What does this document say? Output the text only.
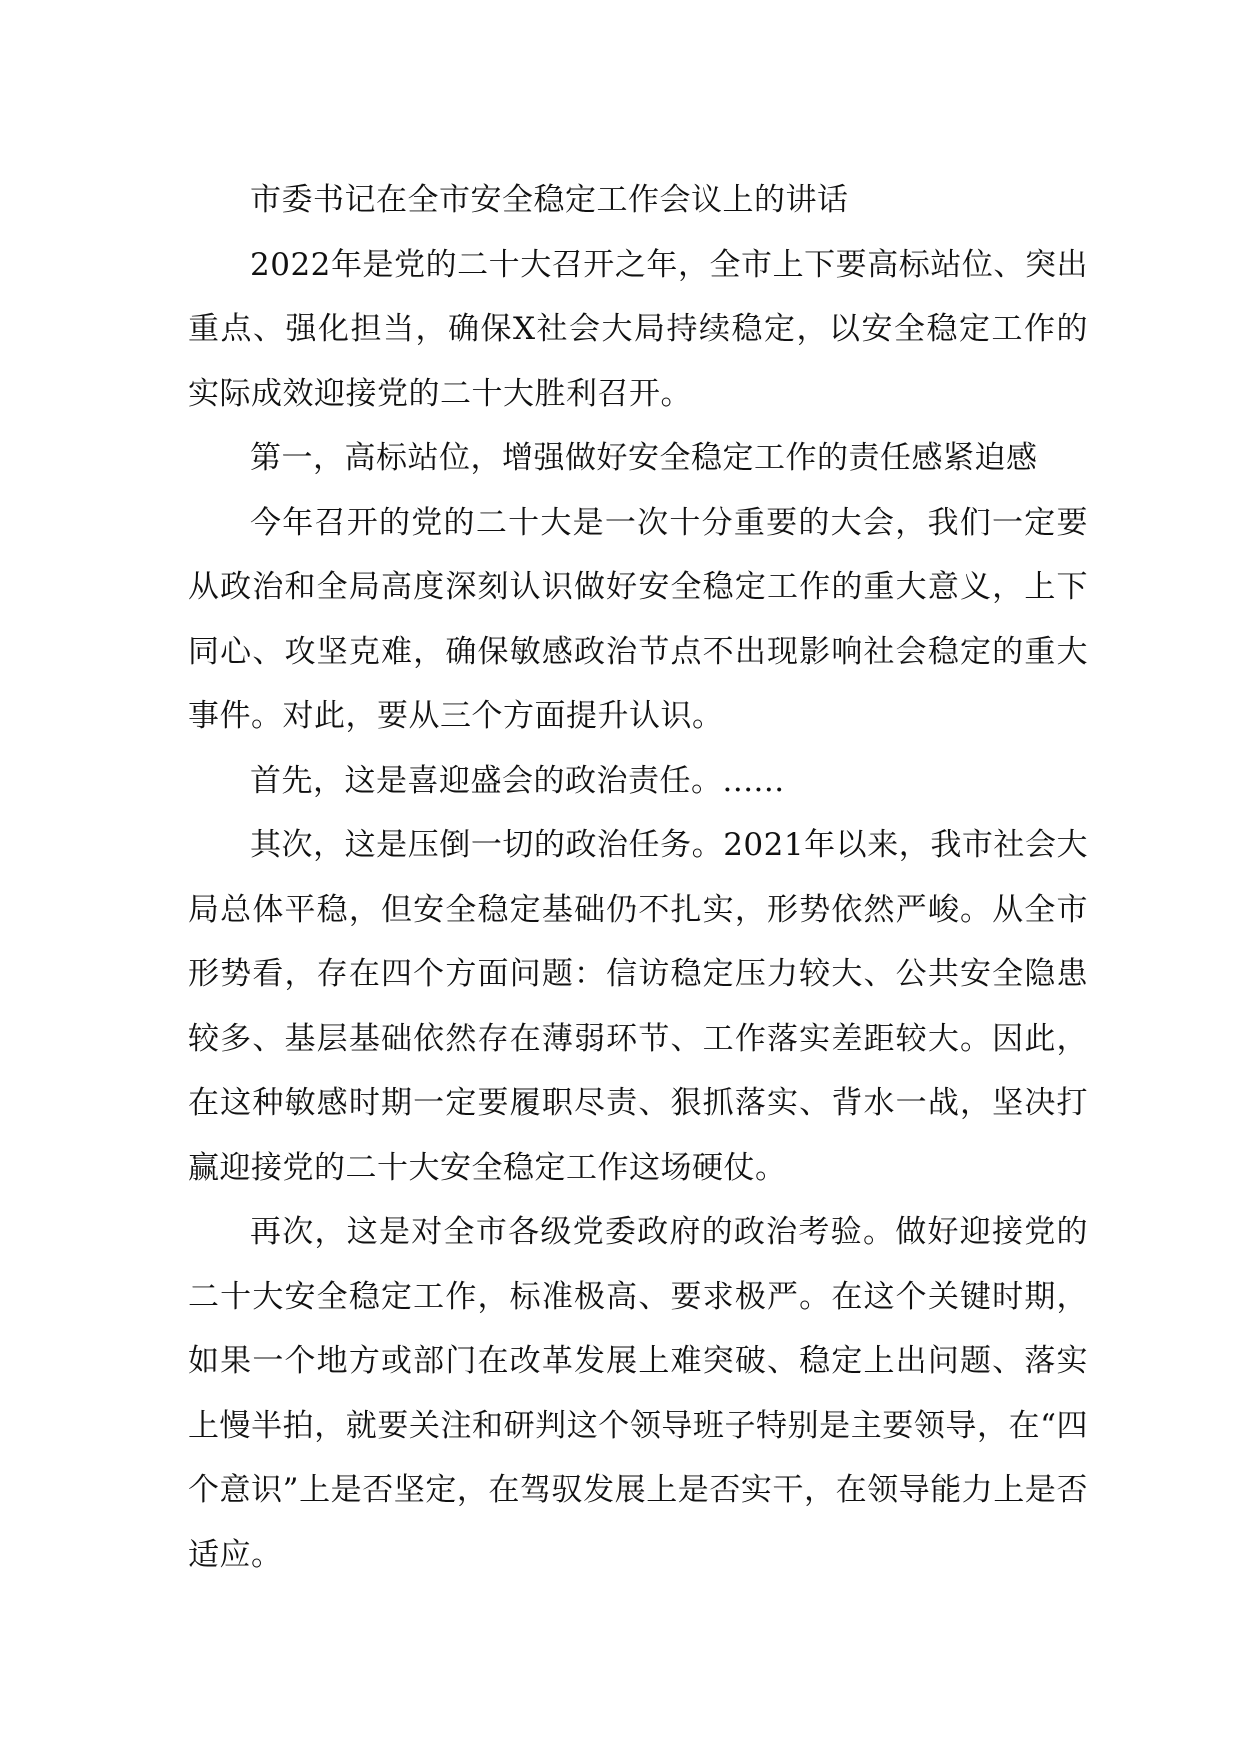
市委书记在全市安全稳定工作会议上的讲话

2022年是党的二十大召开之年，全市上下要高标站位、突出重点、强化担当，确保X社会大局持续稳定，以安全稳定工作的实际成效迎接党的二十大胜利召开。

第一，高标站位，增强做好安全稳定工作的责任感紧迫感

今年召开的党的二十大是一次十分重要的大会，我们一定要从政治和全局高度深刻认识做好安全稳定工作的重大意义，上下同心、攻坚克难，确保敏感政治节点不出现影响社会稳定的重大事件。对此，要从三个方面提升认识。

首先，这是喜迎盛会的政治责任。......

其次，这是压倒一切的政治任务。2021年以来，我市社会大局总体平稳，但安全稳定基础仍不扎实，形势依然严峻。从全市形势看，存在四个方面问题：信访稳定压力较大、公共安全隐患较多、基层基础依然存在薄弱环节、工作落实差距较大。因此，在这种敏感时期一定要履职尽责、狠抓落实、背水一战，坚决打赢迎接党的二十大安全稳定工作这场硬仗。

再次，这是对全市各级党委政府的政治考验。做好迎接党的二十大安全稳定工作，标准极高、要求极严。在这个关键时期，如果一个地方或部门在改革发展上难突破、稳定上出问题、落实上慢半拍，就要关注和研判这个领导班子特别是主要领导，在“四个意识”上是否坚定，在驾驭发展上是否实干，在领导能力上是否适应。
